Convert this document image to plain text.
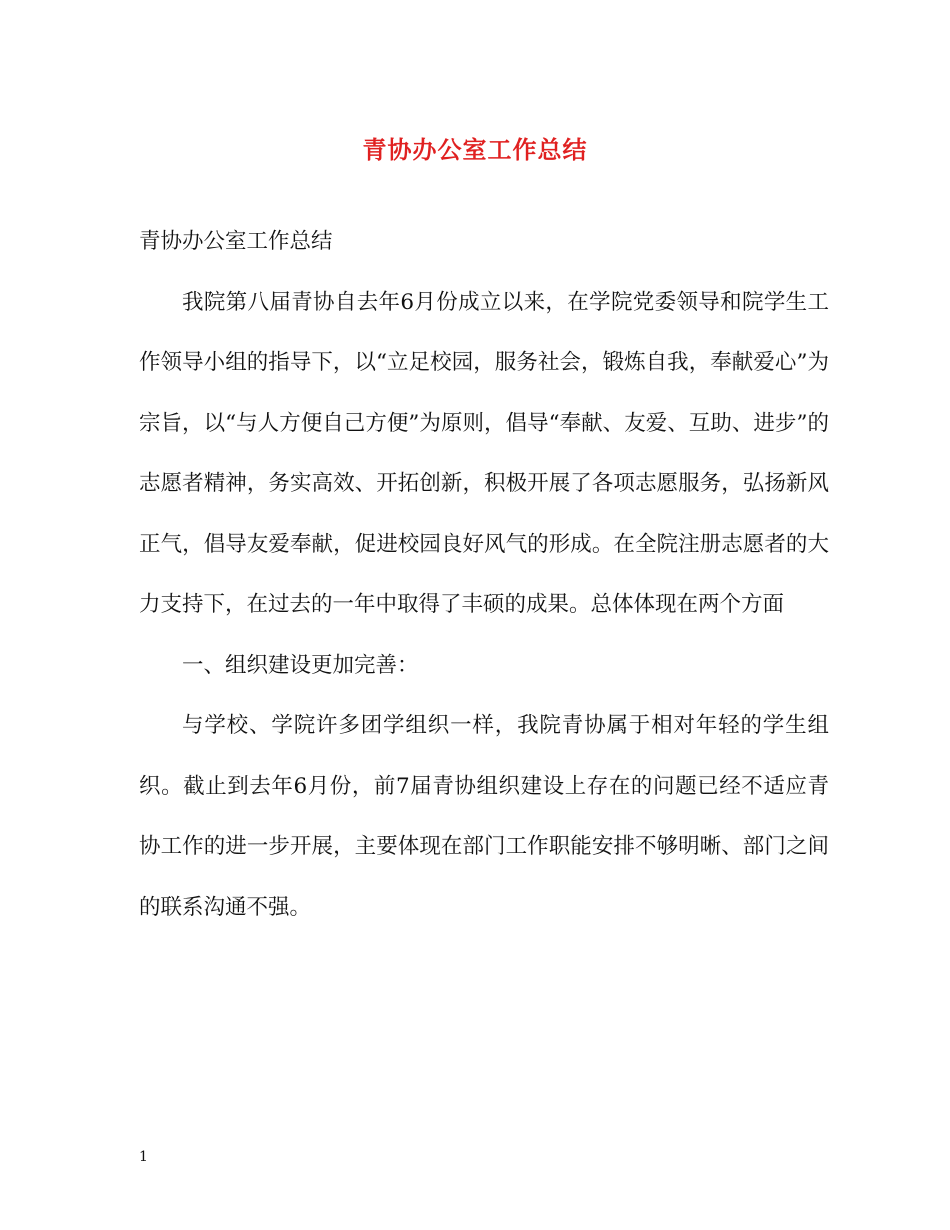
青协办公室工作总结

青协办公室工作总结

我院第八届青协自去年6月份成立以来，在学院党委领导和院学生工作领导小组的指导下，以“立足校园，服务社会，锻炼自我，奉献爱心”为宗旨，以“与人方便自己方便”为原则，倡导“奉献、友爱、互助、进步”的志愿者精神，务实高效、开拓创新，积极开展了各项志愿服务，弘扬新风正气，倡导友爱奉献，促进校园良好风气的形成。在全院注册志愿者的大力支持下，在过去的一年中取得了丰硕的成果。总体体现在两个方面

一、组织建设更加完善：

与学校、学院许多团学组织一样，我院青协属于相对年轻的学生组织。截止到去年6月份，前7届青协组织建设上存在的问题已经不适应青协工作的进一步开展，主要体现在部门工作职能安排不够明晰、部门之间的联系沟通不强。

1
